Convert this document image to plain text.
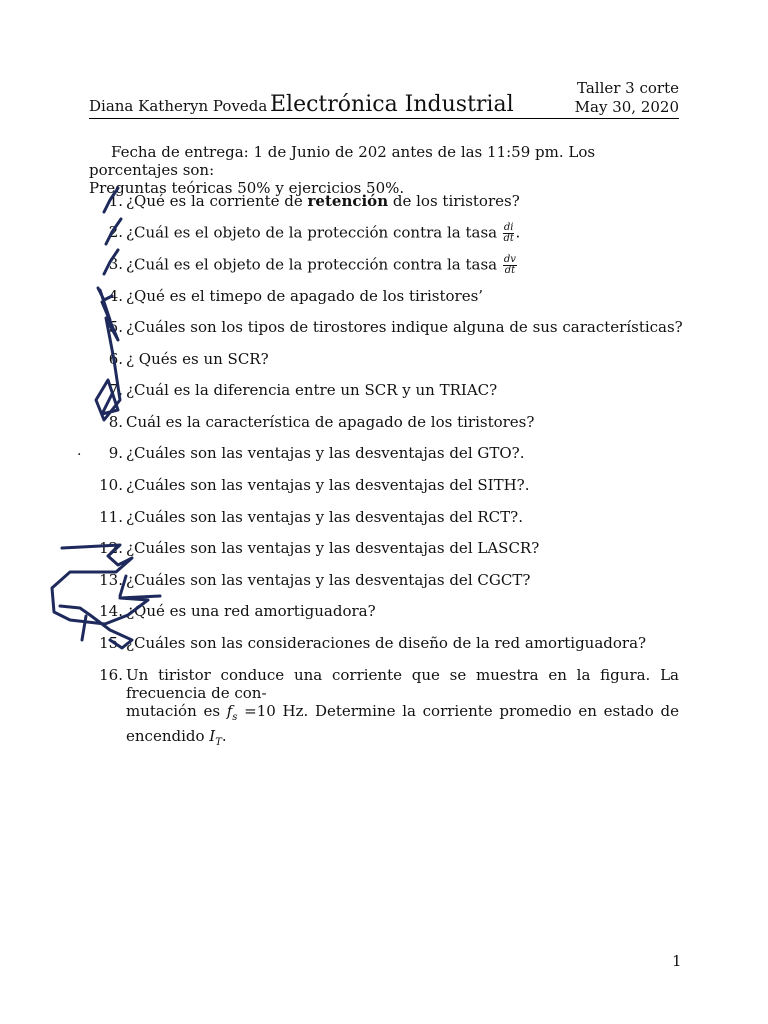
Taller 3 corte
May 30, 2020
Diana Katheryn Poveda Electrónica Industrial
Fecha de entrega: 1 de Junio de 202 antes de las 11:59 pm. Los porcentajes son:
Preguntas teóricas 50% y ejercicios 50%.
1. ¿Qué es la corriente de retención de los tiristores?
2. ¿Cuál es el objeto de la protección contra la tasa $\frac{di}{dt}$ .
3. ¿Cuál es el objeto de la protección contra la tasa $\frac{dv}{dt}$
4. ¿Qué es el timepo de apagado de los tiristores’
5. ¿Cuáles son los tipos de tirostores indique alguna de sus características?
6. ¿ Qués es un SCR?
7. ¿Cuál es la diferencia entre un SCR y un TRIAC?
8. Cuál es la característica de apagado de los tiristores?
9. ¿Cuáles son las ventajas y las desventajas del GTO?.
10. ¿Cuáles son las ventajas y las desventajas del SITH?.
11. ¿Cuáles son las ventajas y las desventajas del RCT?.
12. ¿Cuáles son las ventajas y las desventajas del LASCR?
13. ¿Cuáles son las ventajas y las desventajas del CGCT?
14. ¿Qué es una red amortiguadora?
15. ¿Cuáles son las consideraciones de diseño de la red amortiguadora?
16. Un tiristor conduce una corriente que se muestra en la figura. La frecuencia de con-
mutación es $f_s =10$ Hz. Determine la corriente promedio en estado de encendido $I_T$.
·
1
